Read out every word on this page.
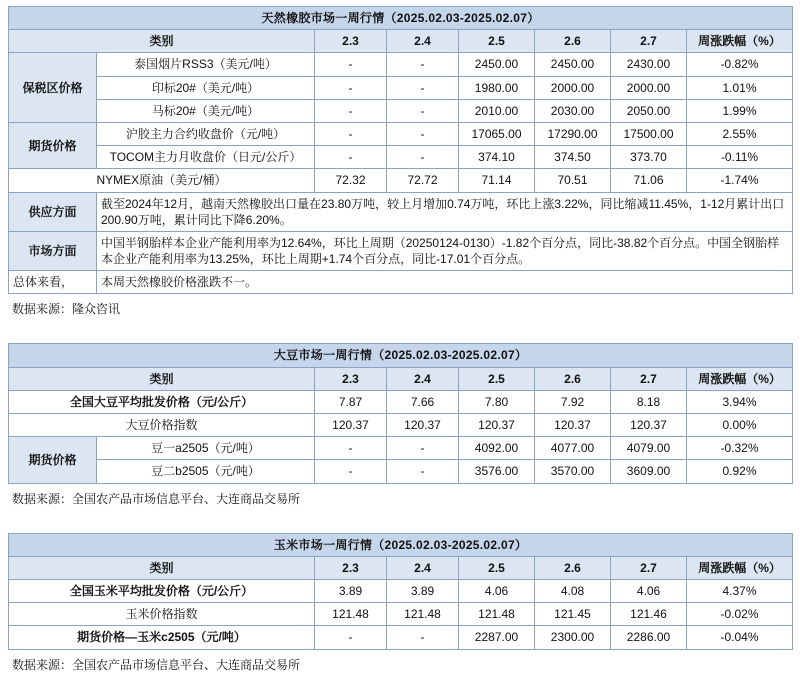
天然橡胶市场一周行情（2025.02.03-2025.02.07）							
类别		2.3	2.4	2.5	2.6	2.7	周涨跌幅（%）
保税区价格	泰国烟片RSS3（美元/吨）	-	-	2450.00	2450.00	2430.00	-0.82%
	印标20#（美元/吨）	-	-	1980.00	2000.00	2000.00	1.01%
	马标20#（美元/吨）	-	-	2010.00	2030.00	2050.00	1.99%
期货价格	沪胶主力合约收盘价（元/吨）	-	-	17065.00	17290.00	17500.00	2.55%
	TOCOM主力月收盘价（日元/公斤）	-	-	374.10	374.50	373.70	-0.11%
NYMEX原油（美元/桶）		72.32	72.72	71.14	70.51	71.06	-1.74%
供应方面	截至2024年12月，越南天然橡胶出口量在23.80万吨，较上月增加0.74万吨，环比上涨3.22%，同比缩减11.45%，1-12月累计出口200.90万吨，累计同比下降6.20%。						
市场方面	中国半钢胎样本企业产能利用率为12.64%，环比上周期（20250124-0130）-1.82个百分点，同比-38.82个百分点。中国全钢胎样本企业产能利用率为13.25%，环比上周期+1.74个百分点，同比-17.01个百分点。						
总体来看，	本周天然橡胶价格涨跌不一。						
数据来源：隆众咨讯
大豆市场一周行情（2025.02.03-2025.02.07）							
类别		2.3	2.4	2.5	2.6	2.7	周涨跌幅（%）
全国大豆平均批发价格（元/公斤）		7.87	7.66	7.80	7.92	8.18	3.94%
大豆价格指数		120.37	120.37	120.37	120.37	120.37	0.00%
期货价格	豆一a2505（元/吨）	-	-	4092.00	4077.00	4079.00	-0.32%
	豆二b2505（元/吨）	-	-	3576.00	3570.00	3609.00	0.92%
数据来源：全国农产品市场信息平台、大连商品交易所
玉米市场一周行情（2025.02.03-2025.02.07）						
类别	2.3	2.4	2.5	2.6	2.7	周涨跌幅（%）
全国玉米平均批发价格（元/公斤）	3.89	3.89	4.06	4.08	4.06	4.37%
玉米价格指数	121.48	121.48	121.48	121.45	121.46	-0.02%
期货价格—玉米c2505（元/吨）	-	-	2287.00	2300.00	2286.00	-0.04%
数据来源：全国农产品市场信息平台、大连商品交易所
